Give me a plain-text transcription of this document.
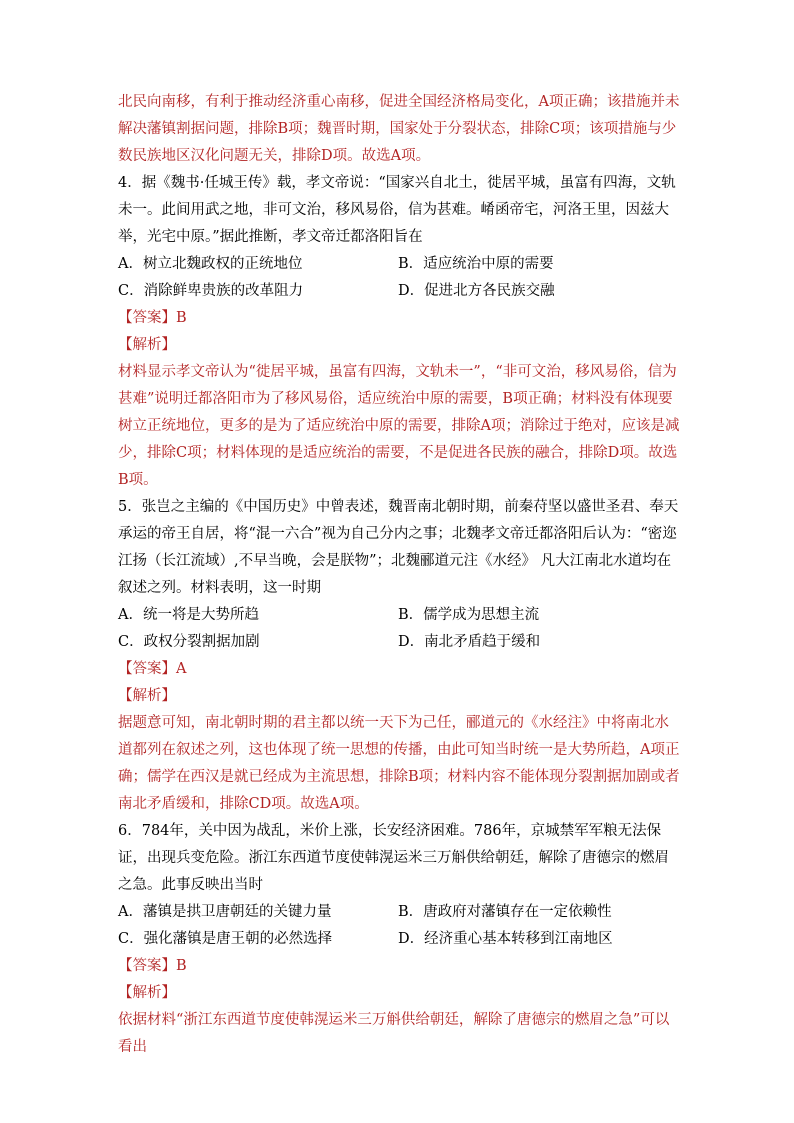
北民向南移，有利于推动经济重心南移，促进全国经济格局变化，A项正确；该措施并未解决藩镇割据问题，排除B项；魏晋时期，国家处于分裂状态，排除C项；该项措施与少数民族地区汉化问题无关，排除D项。故选A项。

4．据《魏书·任城王传》载，孝文帝说：“国家兴自北土，徙居平城，虽富有四海，文轨未一。此间用武之地，非可文治，移风易俗，信为甚难。崤函帝宅，河洛王里，因兹大举，光宅中原。”据此推断，孝文帝迁都洛阳旨在

A．树立北魏政权的正统地位	B．适应统治中原的需要
C．消除鲜卑贵族的改革阻力	D．促进北方各民族交融

【答案】B

【解析】

材料显示孝文帝认为“徙居平城，虽富有四海，文轨未一”，“非可文治，移风易俗，信为甚难”说明迁都洛阳市为了移风易俗，适应统治中原的需要，B项正确；材料没有体现要树立正统地位，更多的是为了适应统治中原的需要，排除A项；消除过于绝对，应该是减少，排除C项；材料体现的是适应统治的需要，不是促进各民族的融合，排除D项。故选B项。

5．张岂之主编的《中国历史》中曾表述，魏晋南北朝时期，前秦苻坚以盛世圣君、奉天承运的帝王自居，将“混一六合”视为自己分内之事；北魏孝文帝迁都洛阳后认为：“密迩江扬（长江流域）,不早当晚，会是朕物”；北魏郦道元注《水经》 凡大江南北水道均在叙述之列。材料表明，这一时期

A．统一将是大势所趋	B．儒学成为思想主流
C．政权分裂割据加剧	D．南北矛盾趋于缓和

【答案】A

【解析】

据题意可知，南北朝时期的君主都以统一天下为己任，郦道元的《水经注》中将南北水道都列在叙述之列，这也体现了统一思想的传播，由此可知当时统一是大势所趋，A项正确；儒学在西汉是就已经成为主流思想，排除B项；材料内容不能体现分裂割据加剧或者南北矛盾缓和，排除CD项。故选A项。

6．784年，关中因为战乱，米价上涨，长安经济困难。786年，京城禁军军粮无法保证，出现兵变危险。浙江东西道节度使韩滉运米三万斛供给朝廷，解除了唐德宗的燃眉之急。此事反映出当时

A．藩镇是拱卫唐朝廷的关键力量	B．唐政府对藩镇存在一定依赖性
C．强化藩镇是唐王朝的必然选择	D．经济重心基本转移到江南地区

【答案】B

【解析】

依据材料“浙江东西道节度使韩滉运米三万斛供给朝廷，解除了唐德宗的燃眉之急”可以看出
